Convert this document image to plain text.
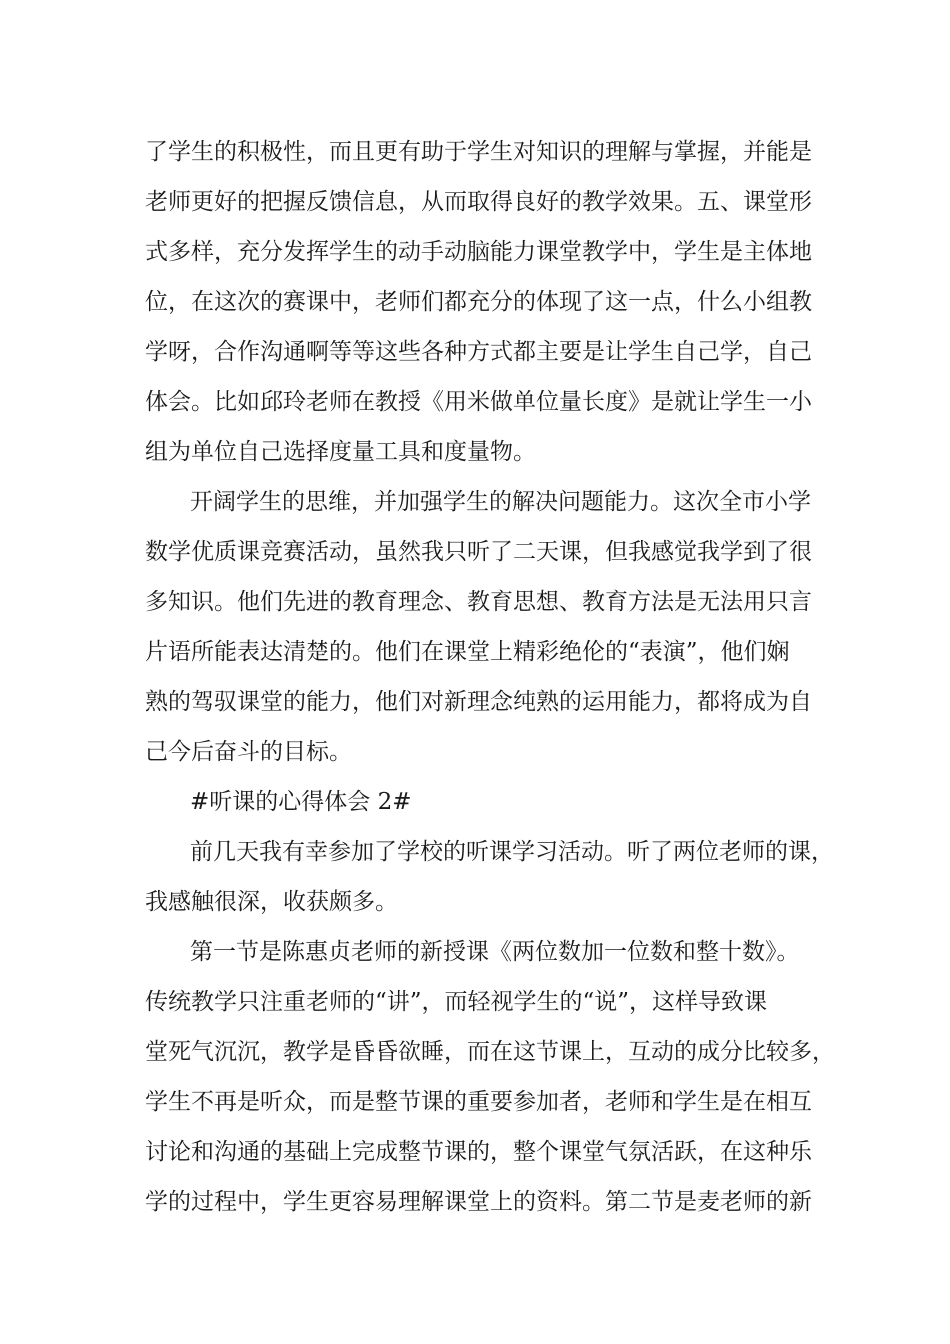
了学生的积极性，而且更有助于学生对知识的理解与掌握，并能是
老师更好的把握反馈信息，从而取得良好的教学效果。五、课堂形
式多样，充分发挥学生的动手动脑能力课堂教学中，学生是主体地
位，在这次的赛课中，老师们都充分的体现了这一点，什么小组教
学呀，合作沟通啊等等这些各种方式都主要是让学生自己学，自己
体会。比如邱玲老师在教授《用米做单位量长度》是就让学生一小
组为单位自己选择度量工具和度量物。
开阔学生的思维，并加强学生的解决问题能力。这次全市小学
数学优质课竞赛活动，虽然我只听了二天课，但我感觉我学到了很
多知识。他们先进的教育理念、教育思想、教育方法是无法用只言
片语所能表达清楚的。他们在课堂上精彩绝伦的“表演”，他们娴
熟的驾驭课堂的能力，他们对新理念纯熟的运用能力，都将成为自
己今后奋斗的目标。
#听课的心得体会 2#
前几天我有幸参加了学校的听课学习活动。听了两位老师的课，
我感触很深，收获颇多。
第一节是陈惠贞老师的新授课《两位数加一位数和整十数》。
传统教学只注重老师的“讲”，而轻视学生的“说”，这样导致课
堂死气沉沉，教学是昏昏欲睡，而在这节课上，互动的成分比较多，
学生不再是听众，而是整节课的重要参加者，老师和学生是在相互
讨论和沟通的基础上完成整节课的，整个课堂气氛活跃，在这种乐
学的过程中，学生更容易理解课堂上的资料。第二节是麦老师的新
